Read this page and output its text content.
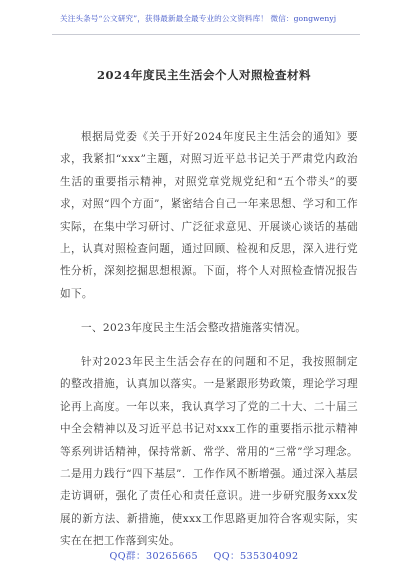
关注头条号“公文研究”，获得最新最全最专业的公文资料库！ 微信：gongwenyj
2024年度民主生活会个人对照检查材料
根据局党委《关于开好2024年度民主生活会的通知》要求，我紧扣“xxx”主题，对照习近平总书记关于严肃党内政治生活的重要指示精神，对照党章党规党纪和“五个带头”的要求，对照“四个方面”，紧密结合自己一年来思想、学习和工作实际，在集中学习研讨、广泛征求意见、开展谈心谈话的基础上，认真对照检查问题，通过回顾、检视和反思，深入进行党性分析，深刻挖掘思想根源。下面，将个人对照检查情况报告如下。
一、2023年度民主生活会整改措施落实情况。
针对2023年民主生活会存在的问题和不足，我按照制定的整改措施，认真加以落实。一是紧跟形势政策，理论学习理论再上高度。一年以来，我认真学习了党的二十大、二十届三中全会精神以及习近平总书记对xxx工作的重要指示批示精神等系列讲话精神，保持常新、常学、常用的“三常”学习理念。二是用力践行“四下基层”．工作作风不断增强。通过深入基层走访调研，强化了责任心和责任意识。进一步研究服务xxx发展的新方法、新措施，使xxx工作思路更加符合客观实际，实实在在把工作落到实处。
QQ群：30265665 QQ：535304092
